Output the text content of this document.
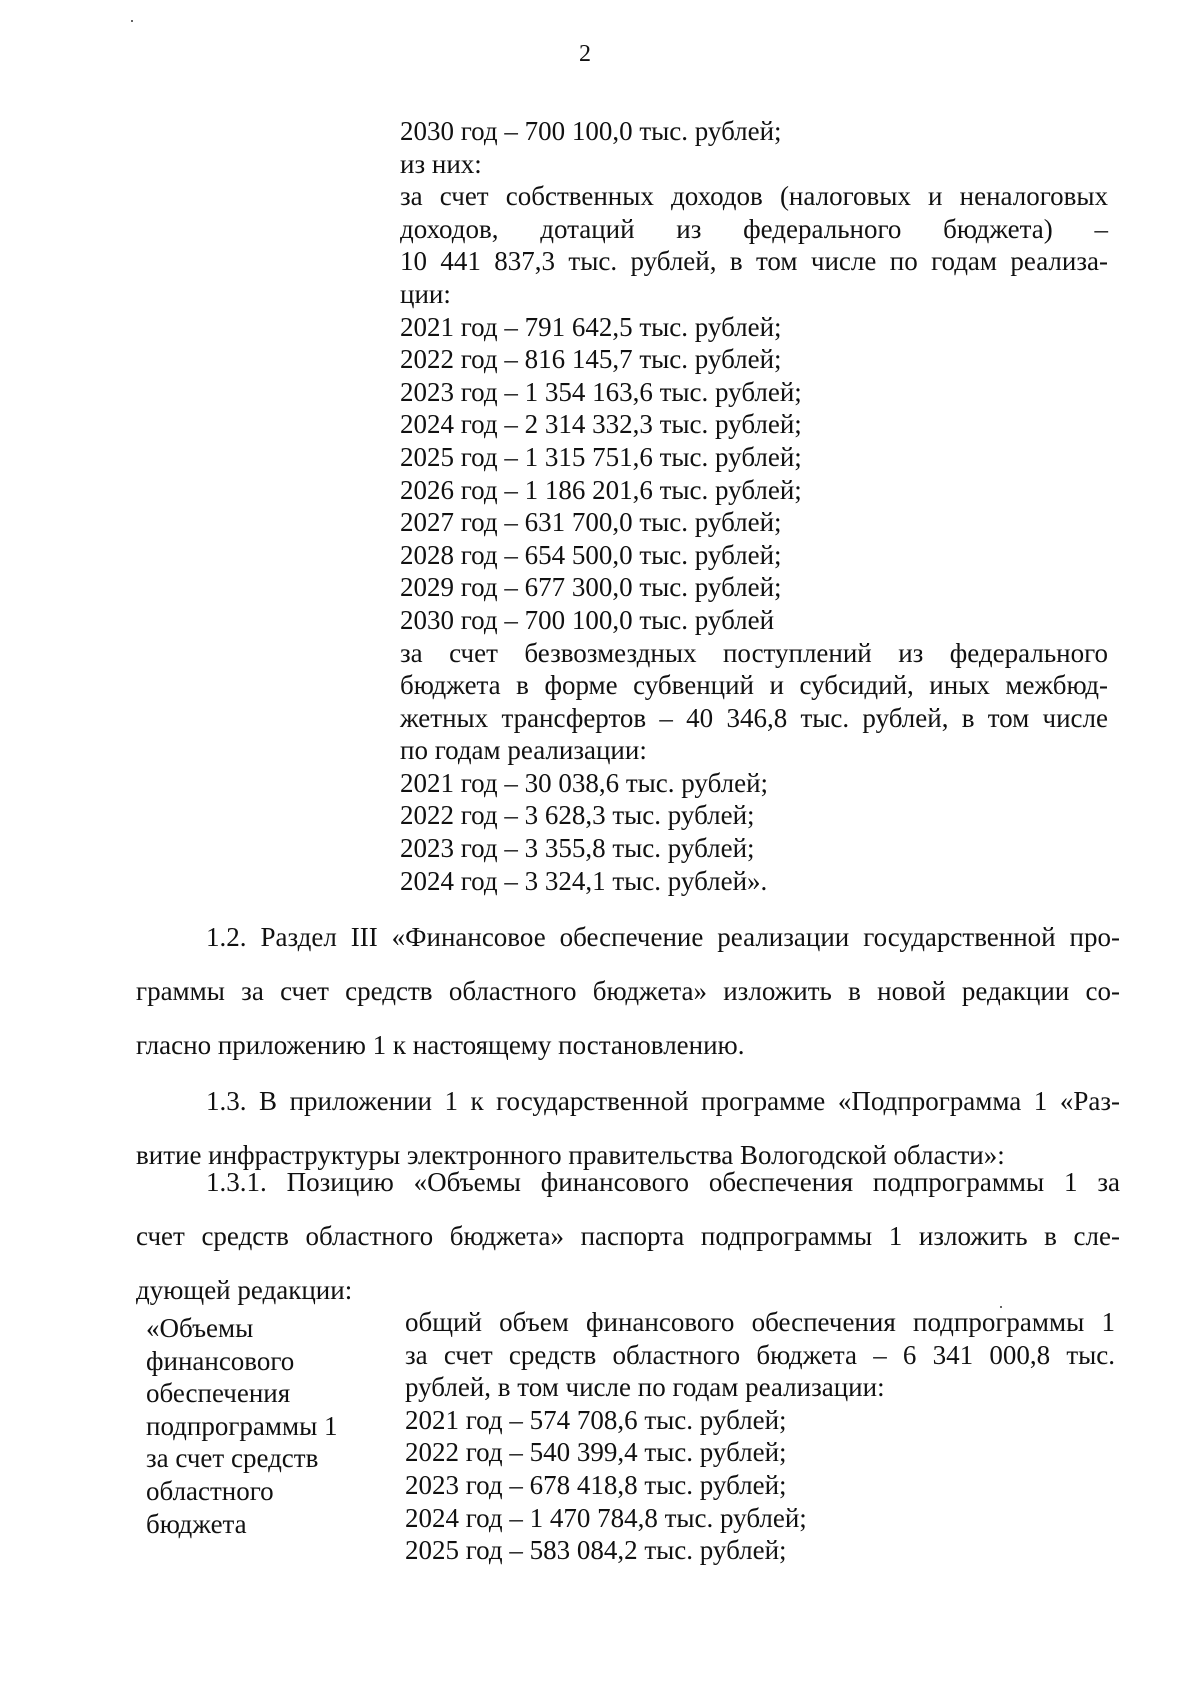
2
2030 год – 700 100,0 тыс. рублей;
из них:
за счет собственных доходов (налоговых и неналоговых
доходов, дотаций из федерального бюджета) –
10 441 837,3 тыс. рублей, в том числе по годам реализа-
ции:
2021 год – 791 642,5 тыс. рублей;
2022 год – 816 145,7 тыс. рублей;
2023 год – 1 354 163,6 тыс. рублей;
2024 год – 2 314 332,3 тыс. рублей;
2025 год – 1 315 751,6 тыс. рублей;
2026 год – 1 186 201,6 тыс. рублей;
2027 год – 631 700,0 тыс. рублей;
2028 год – 654 500,0 тыс. рублей;
2029 год – 677 300,0 тыс. рублей;
2030 год – 700 100,0 тыс. рублей
за счет безвозмездных поступлений из федерального
бюджета в форме субвенций и субсидий, иных межбюд-
жетных трансфертов – 40 346,8 тыс. рублей, в том числе
по годам реализации:
2021 год – 30 038,6 тыс. рублей;
2022 год – 3 628,3 тыс. рублей;
2023 год – 3 355,8 тыс. рублей;
2024 год – 3 324,1 тыс. рублей».
1.2. Раздел III «Финансовое обеспечение реализации государственной про-
граммы за счет средств областного бюджета» изложить в новой редакции со-
гласно приложению 1 к настоящему постановлению.
1.3. В приложении 1 к государственной программе «Подпрограмма 1 «Раз-
витие инфраструктуры электронного правительства Вологодской области»:
1.3.1. Позицию «Объемы финансового обеспечения подпрограммы 1 за
счет средств областного бюджета» паспорта подпрограммы 1 изложить в сле-
дующей редакции:
«Объемы
финансового
обеспечения
подпрограммы 1
за счет средств
областного
бюджета
общий объем финансового обеспечения подпрограммы 1
за счет средств областного бюджета – 6 341 000,8 тыс.
рублей, в том числе по годам реализации:
2021 год – 574 708,6 тыс. рублей;
2022 год – 540 399,4 тыс. рублей;
2023 год – 678 418,8 тыс. рублей;
2024 год – 1 470 784,8 тыс. рублей;
2025 год – 583 084,2 тыс. рублей;
